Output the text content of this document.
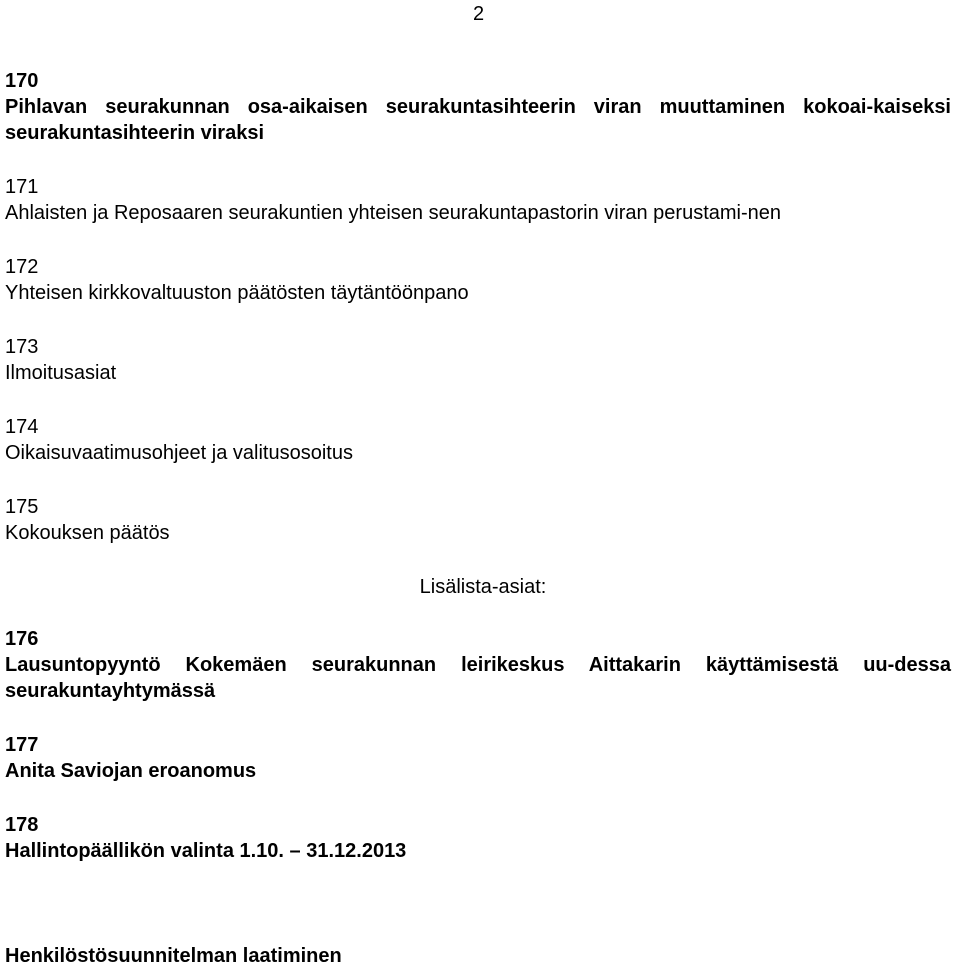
2
170
Pihlavan seurakunnan osa-aikaisen seurakuntasihteerin viran muuttaminen kokoai-kaiseksi seurakuntasihteerin viraksi
171
Ahlaisten ja Reposaaren seurakuntien yhteisen seurakuntapastorin viran perustami-nen
172
Yhteisen kirkkovaltuuston päätösten täytäntöönpano
173
Ilmoitusasiat
174
Oikaisuvaatimusohjeet ja valitusosoitus
175
Kokouksen päätös
Lisälista-asiat:
176
Lausuntopyyntö Kokemäen seurakunnan leirikeskus Aittakarin käyttämisestä uu-dessa seurakuntayhtymässä
177
Anita Saviojan eroanomus
178
Hallintopäällikön valinta 1.10. – 31.12.2013
Henkilöstösuunnitelman laatiminen
